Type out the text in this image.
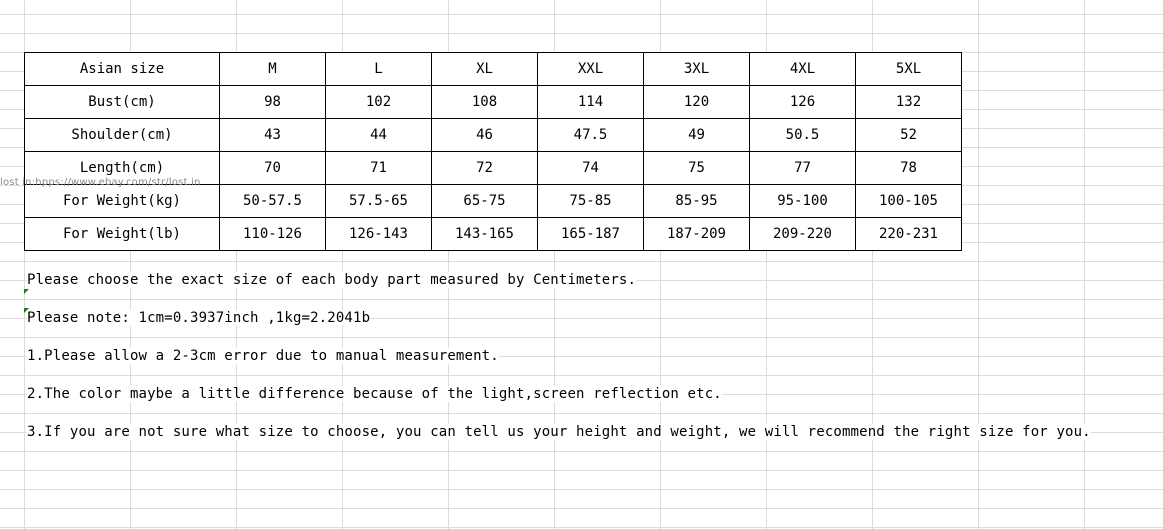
Asian size	M	L	XL	XXL	3XL	4XL	5XL
Bust(cm)	98	102	108	114	120	126	132
Shoulder(cm)	43	44	46	47.5	49	50.5	52
Length(cm)	70	71	72	74	75	77	78
For Weight(kg)	50-57.5	57.5-65	65-75	75-85	85-95	95-100	100-105
For Weight(lb)	110-126	126-143	143-165	165-187	187-209	209-220	220-231
lost in:hpps://www.ebay.com/str/lost.in
Please choose the exact size of each body part measured by Centimeters.
Please note: 1cm=0.3937inch ,1kg=2.2041b
1.Please allow a 2-3cm error due to manual measurement.
2.The color maybe a little difference because of the light,screen reflection etc.
3.If you are not sure what size to choose, you can tell us your height and weight, we will recommend the right size for you.
